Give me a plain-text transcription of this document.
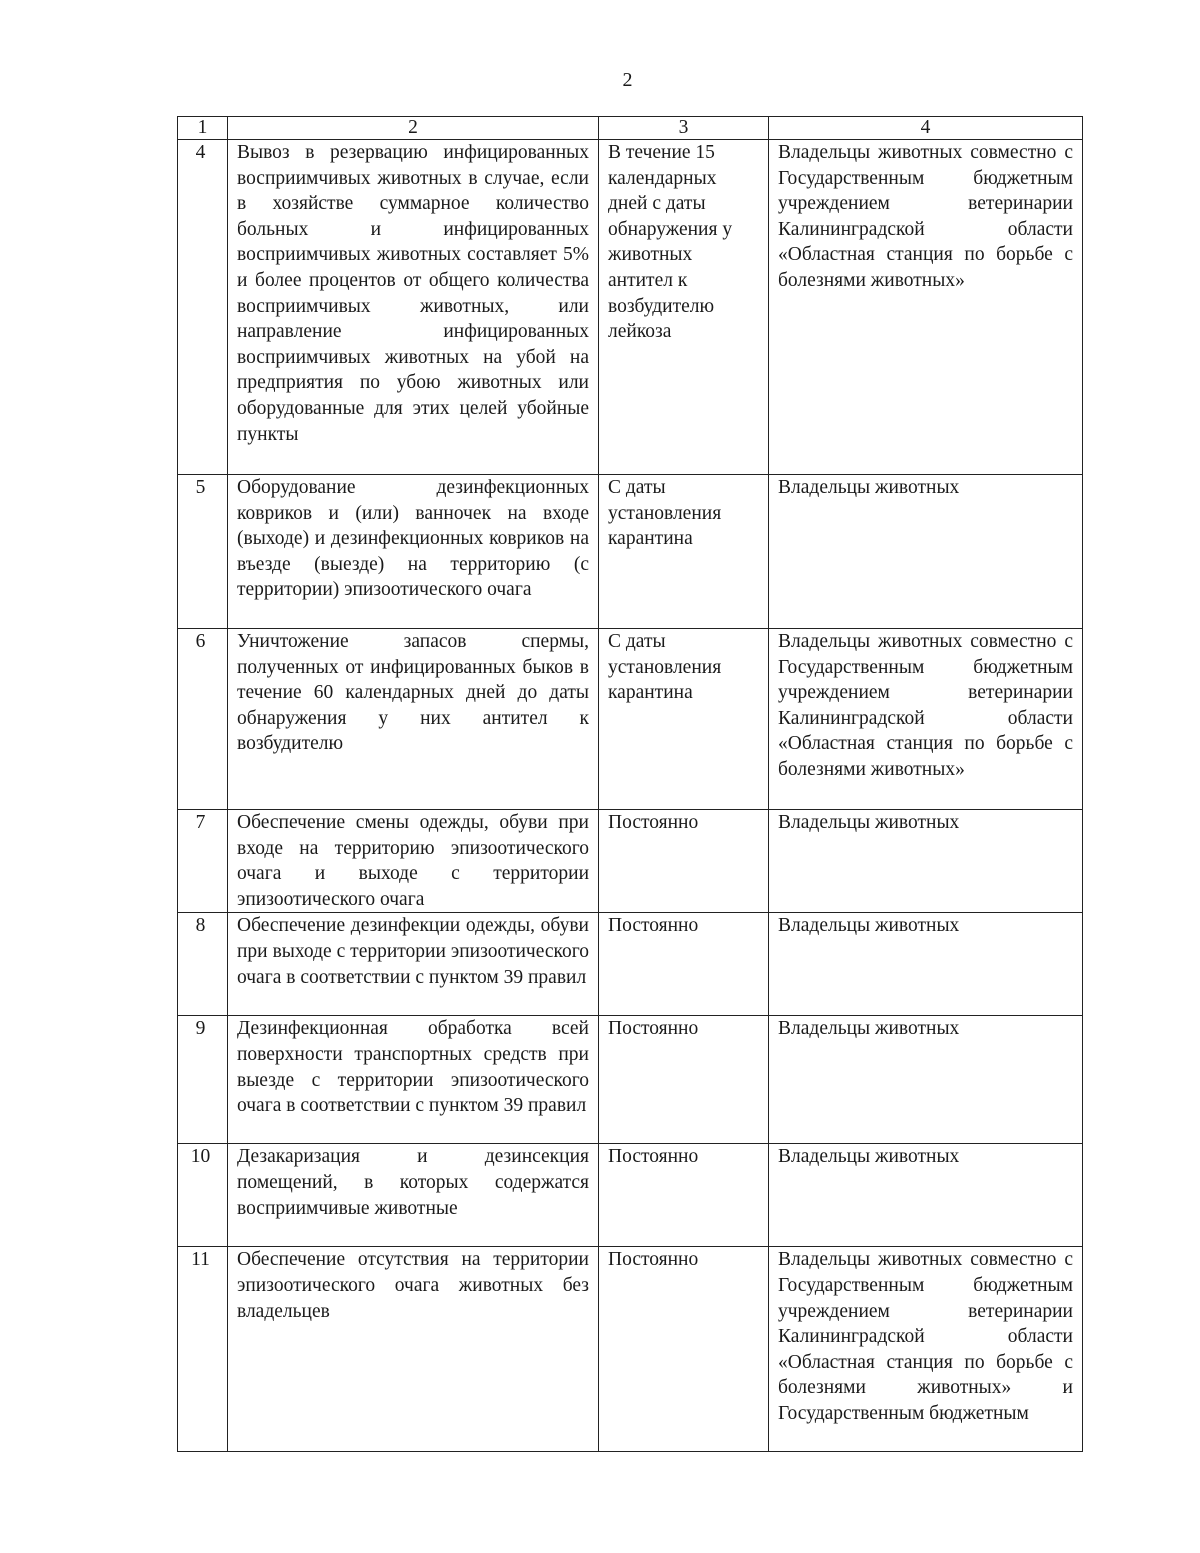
2
1	2	3	4
4	Вывоз в резервацию инфицированных восприимчивых животных в случае, если в хозяйстве суммарное количество больных и инфицированных восприимчивых животных составляет 5% и более процентов от общего количества восприимчивых животных, или направление инфицированных восприимчивых животных на убой на предприятия по убою животных или оборудованные для этих целей убойные пункты	В течение 15 календарных дней с даты обнаружения у животных антител к возбудителю лейкоза	Владельцы животных совместно с Государственным бюджетным учреждением ветеринарии Калининградской области «Областная станция по борьбе с болезнями животных»
5	Оборудование дезинфекционных ковриков и (или) ванночек на входе (выходе) и дезинфекционных ковриков на въезде (выезде) на территорию (с территории) эпизоотического очага	С даты установления карантина	Владельцы животных
6	Уничтожение запасов спермы, полученных от инфицированных быков в течение 60 календарных дней до даты обнаружения у них антител к возбудителю	С даты установления карантина	Владельцы животных совместно с Государственным бюджетным учреждением ветеринарии Калининградской области «Областная станция по борьбе с болезнями животных»
7	Обеспечение смены одежды, обуви при входе на территорию эпизоотического очага и выходе с территории эпизоотического очага	Постоянно	Владельцы животных
8	Обеспечение дезинфекции одежды, обуви при выходе с территории эпизоотического очага в соответствии с пунктом 39 правил	Постоянно	Владельцы животных
9	Дезинфекционная обработка всей поверхности транспортных средств при выезде с территории эпизоотического очага в соответствии с пунктом 39 правил	Постоянно	Владельцы животных
10	Дезакаризация и дезинсекция помещений, в которых содержатся восприимчивые животные	Постоянно	Владельцы животных
11	Обеспечение отсутствия на территории эпизоотического очага животных без владельцев	Постоянно	Владельцы животных совместно с Государственным бюджетным учреждением ветеринарии Калининградской области «Областная станция по борьбе с болезнями животных» и Государственным бюджетным
